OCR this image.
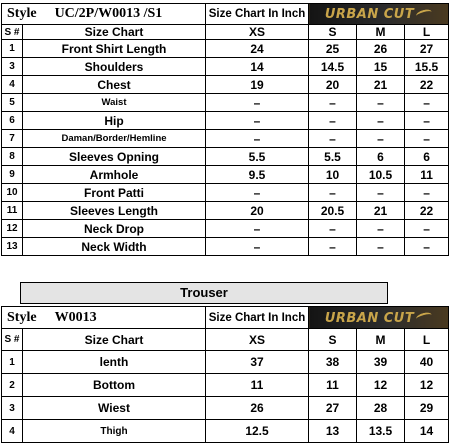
Style UC/2P/W0013 /S1		Size Chart In Inch	URBAN CUT		
S #	Size Chart	XS	S	M	L
1	Front Shirt Length	24	25	26	27
3	Shoulders	14	14.5	15	15.5
4	Chest	19	20	21	22
5	Waist	–	–	–	–
6	Hip	–	–	–	–
7	Daman/Border/Hemline	–	–	–	–
8	Sleeves Opning	5.5	5.5	6	6
9	Armhole	9.5	10	10.5	11
10	Front Patti	–	–	–	–
11	Sleeves Length	20	20.5	21	22
12	Neck Drop	–	–	–	–
13	Neck Width	–	–	–	–
Trouser
Style W0013		Size Chart In Inch	URBAN CUT		
S #	Size Chart	XS	S	M	L
1	lenth	37	38	39	40
2	Bottom	11	11	12	12
3	Wiest	26	27	28	29
4	Thigh	12.5	13	13.5	14
